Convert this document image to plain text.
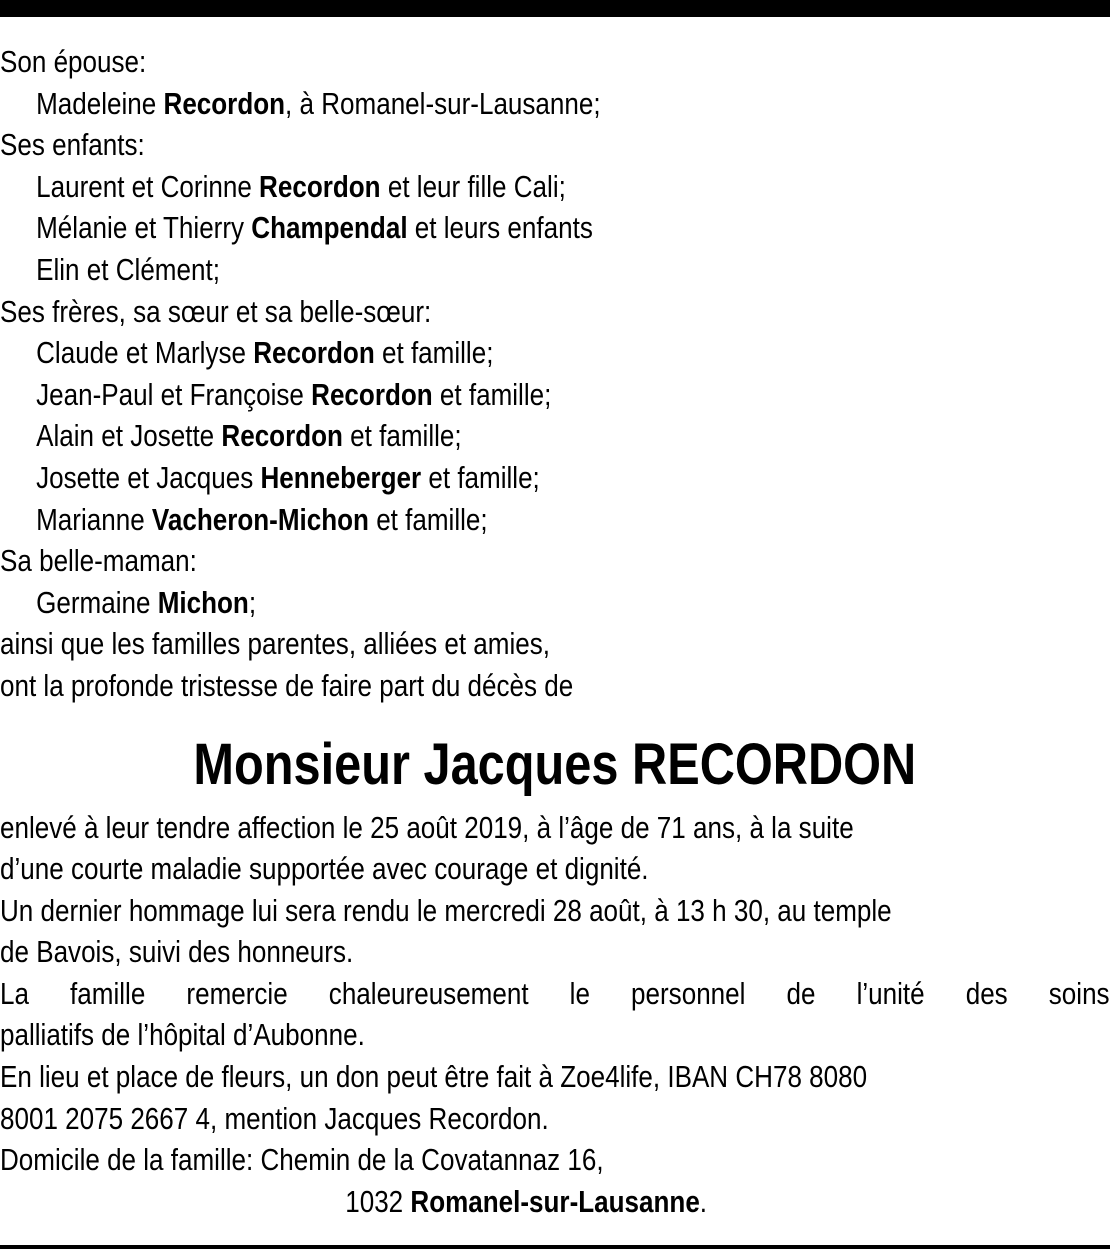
Son épouse:
Madeleine Recordon, à Romanel-sur-Lausanne;
Ses enfants:
Laurent et Corinne Recordon et leur fille Cali;
Mélanie et Thierry Champendal et leurs enfants
Elin et Clément;
Ses frères, sa sœur et sa belle-sœur:
Claude et Marlyse Recordon et famille;
Jean-Paul et Françoise Recordon et famille;
Alain et Josette Recordon et famille;
Josette et Jacques Henneberger et famille;
Marianne Vacheron-Michon et famille;
Sa belle-maman:
Germaine Michon;
ainsi que les familles parentes, alliées et amies,
ont la profonde tristesse de faire part du décès de
Monsieur Jacques RECORDON
enlevé à leur tendre affection le 25 août 2019, à l’âge de 71 ans, à la suite
d’une courte maladie supportée avec courage et dignité.
Un dernier hommage lui sera rendu le mercredi 28 août, à 13 h 30, au temple
de Bavois, suivi des honneurs.
La famille remercie chaleureusement le personnel de l’unité des soins
palliatifs de l’hôpital d’Aubonne.
En lieu et place de fleurs, un don peut être fait à Zoe4life, IBAN CH78 8080
8001 2075 2667 4, mention Jacques Recordon.
Domicile de la famille: Chemin de la Covatannaz 16,
1032 Romanel-sur-Lausanne.
